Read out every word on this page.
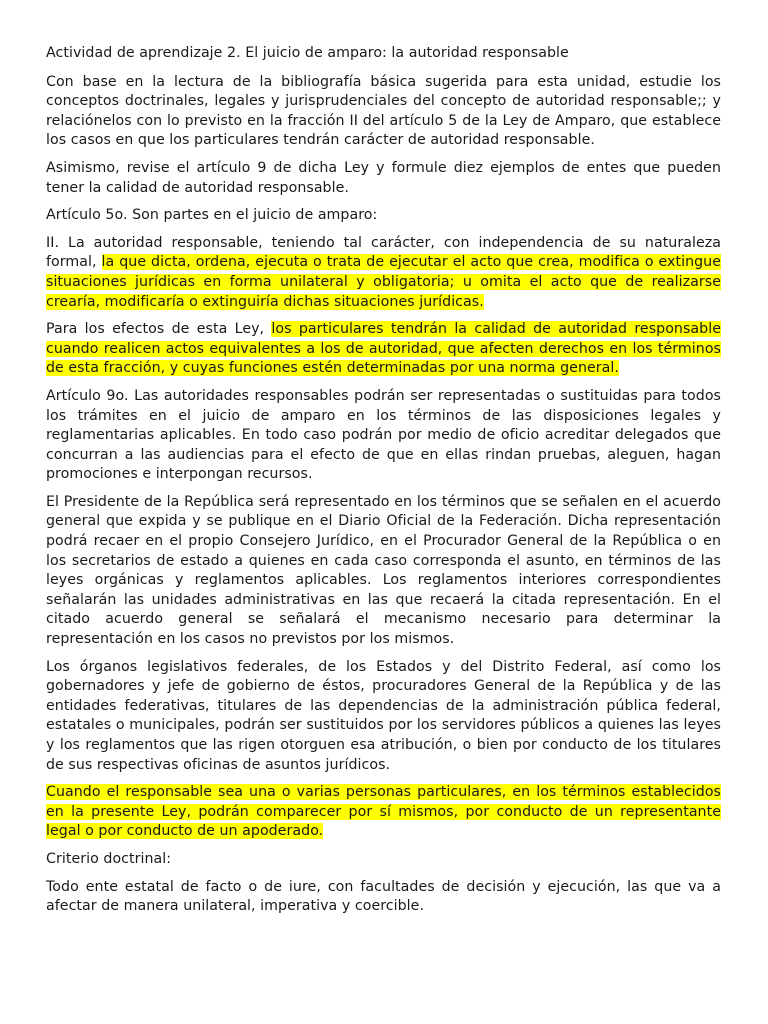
Actividad de aprendizaje 2. El juicio de amparo: la autoridad responsable

Con base en la lectura de la bibliografía básica sugerida para esta unidad, estudie los conceptos doctrinales, legales y jurisprudenciales del concepto de autoridad responsable;; y relaciónelos con lo previsto en la fracción II del artículo 5 de la Ley de Amparo, que establece los casos en que los particulares tendrán carácter de autoridad responsable.

Asimismo, revise el artículo 9 de dicha Ley y formule diez ejemplos de entes que pueden tener la calidad de autoridad responsable.

Artículo 5o. Son partes en el juicio de amparo:

II. La autoridad responsable, teniendo tal carácter, con independencia de su naturaleza formal, la que dicta, ordena, ejecuta o trata de ejecutar el acto que crea, modifica o extingue situaciones jurídicas en forma unilateral y obligatoria; u omita el acto que de realizarse crearía, modificaría o extinguiría dichas situaciones jurídicas.

Para los efectos de esta Ley, los particulares tendrán la calidad de autoridad responsable cuando realicen actos equivalentes a los de autoridad, que afecten derechos en los términos de esta fracción, y cuyas funciones estén determinadas por una norma general.

Artículo 9o. Las autoridades responsables podrán ser representadas o sustituidas para todos los trámites en el juicio de amparo en los términos de las disposiciones legales y reglamentarias aplicables. En todo caso podrán por medio de oficio acreditar delegados que concurran a las audiencias para el efecto de que en ellas rindan pruebas, aleguen, hagan promociones e interpongan recursos.

El Presidente de la República será representado en los términos que se señalen en el acuerdo general que expida y se publique en el Diario Oficial de la Federación. Dicha representación podrá recaer en el propio Consejero Jurídico, en el Procurador General de la República o en los secretarios de estado a quienes en cada caso corresponda el asunto, en términos de las leyes orgánicas y reglamentos aplicables. Los reglamentos interiores correspondientes señalarán las unidades administrativas en las que recaerá la citada representación. En el citado acuerdo general se señalará el mecanismo necesario para determinar la representación en los casos no previstos por los mismos.

Los órganos legislativos federales, de los Estados y del Distrito Federal, así como los gobernadores y jefe de gobierno de éstos, procuradores General de la República y de las entidades federativas, titulares de las dependencias de la administración pública federal, estatales o municipales, podrán ser sustituidos por los servidores públicos a quienes las leyes y los reglamentos que las rigen otorguen esa atribución, o bien por conducto de los titulares de sus respectivas oficinas de asuntos jurídicos.

Cuando el responsable sea una o varias personas particulares, en los términos establecidos en la presente Ley, podrán comparecer por sí mismos, por conducto de un representante legal o por conducto de un apoderado.

Criterio doctrinal:

Todo ente estatal de facto o de iure, con facultades de decisión y ejecución, las que va a afectar de manera unilateral, imperativa y coercible.
